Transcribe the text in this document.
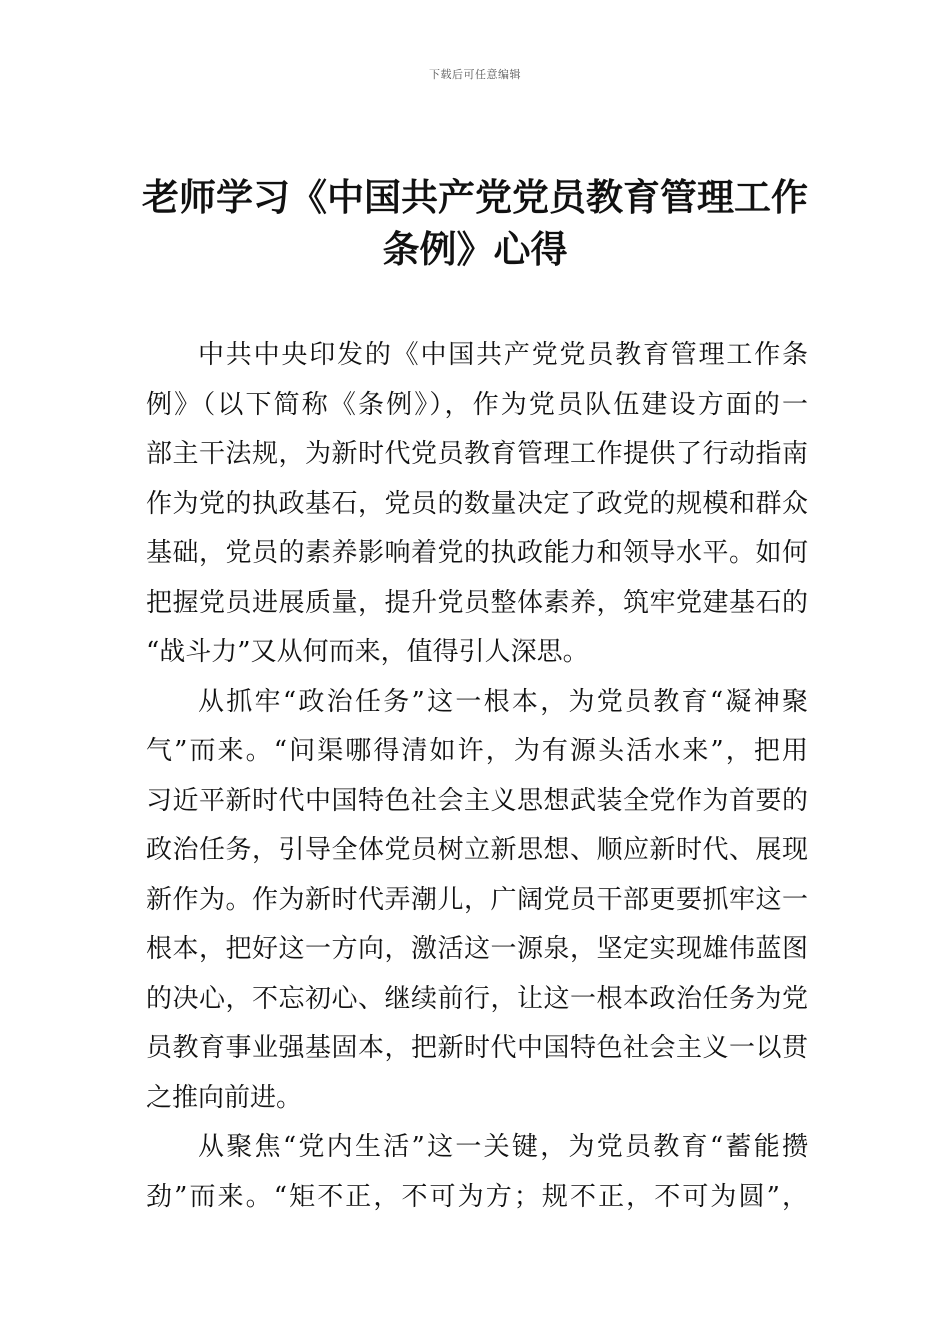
下载后可任意编辑
老师学习《中国共产党党员教育管理工作
条例》心得
中共中央印发的《中国共产党党员教育管理工作条
例》（以下简称《条例》），作为党员队伍建设方面的一
部主干法规，为新时代党员教育管理工作提供了行动指南
作为党的执政基石，党员的数量决定了政党的规模和群众
基础，党员的素养影响着党的执政能力和领导水平。如何
把握党员进展质量，提升党员整体素养，筑牢党建基石的
“战斗力”又从何而来，值得引人深思。
从抓牢“政治任务”这一根本，为党员教育“凝神聚
气”而来。“问渠哪得清如许，为有源头活水来”，把用
习近平新时代中国特色社会主义思想武装全党作为首要的
政治任务，引导全体党员树立新思想、顺应新时代、展现
新作为。作为新时代弄潮儿，广阔党员干部更要抓牢这一
根本，把好这一方向，激活这一源泉，坚定实现雄伟蓝图
的决心，不忘初心、继续前行，让这一根本政治任务为党
员教育事业强基固本，把新时代中国特色社会主义一以贯
之推向前进。
从聚焦“党内生活”这一关键，为党员教育“蓄能攒
劲”而来。“矩不正，不可为方；规不正，不可为圆”，
